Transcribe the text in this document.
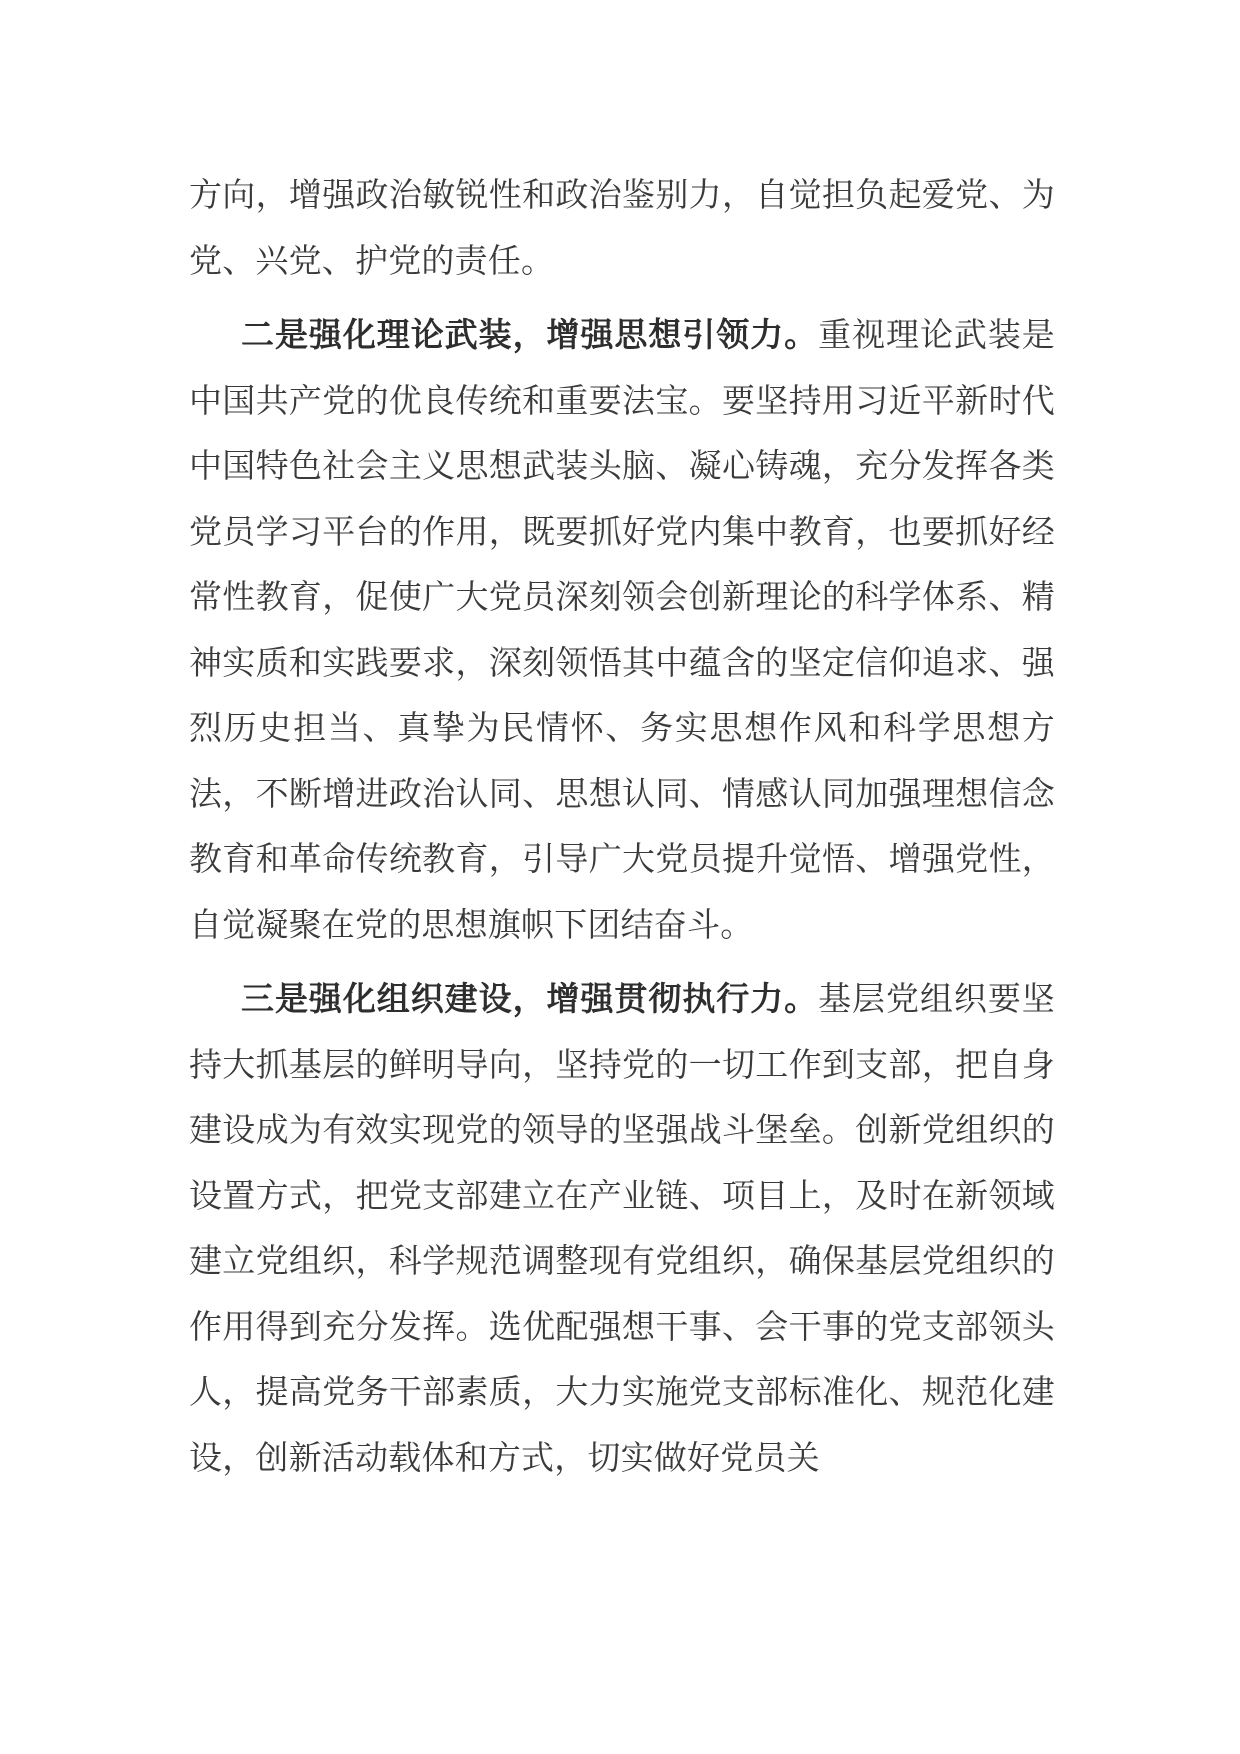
方向，增强政治敏锐性和政治鉴别力，自觉担负起爱党、为党、兴党、护党的责任。

二是强化理论武装，增强思想引领力。重视理论武装是中国共产党的优良传统和重要法宝。要坚持用习近平新时代中国特色社会主义思想武装头脑、凝心铸魂，充分发挥各类党员学习平台的作用，既要抓好党内集中教育，也要抓好经常性教育，促使广大党员深刻领会创新理论的科学体系、精神实质和实践要求，深刻领悟其中蕴含的坚定信仰追求、强烈历史担当、真挚为民情怀、务实思想作风和科学思想方法，不断增进政治认同、思想认同、情感认同加强理想信念教育和革命传统教育，引导广大党员提升觉悟、增强党性，自觉凝聚在党的思想旗帜下团结奋斗。

三是强化组织建设，增强贯彻执行力。基层党组织要坚持大抓基层的鲜明导向，坚持党的一切工作到支部，把自身建设成为有效实现党的领导的坚强战斗堡垒。创新党组织的设置方式，把党支部建立在产业链、项目上，及时在新领域建立党组织，科学规范调整现有党组织，确保基层党组织的作用得到充分发挥。选优配强想干事、会干事的党支部领头人，提高党务干部素质，大力实施党支部标准化、规范化建设，创新活动载体和方式，切实做好党员关
